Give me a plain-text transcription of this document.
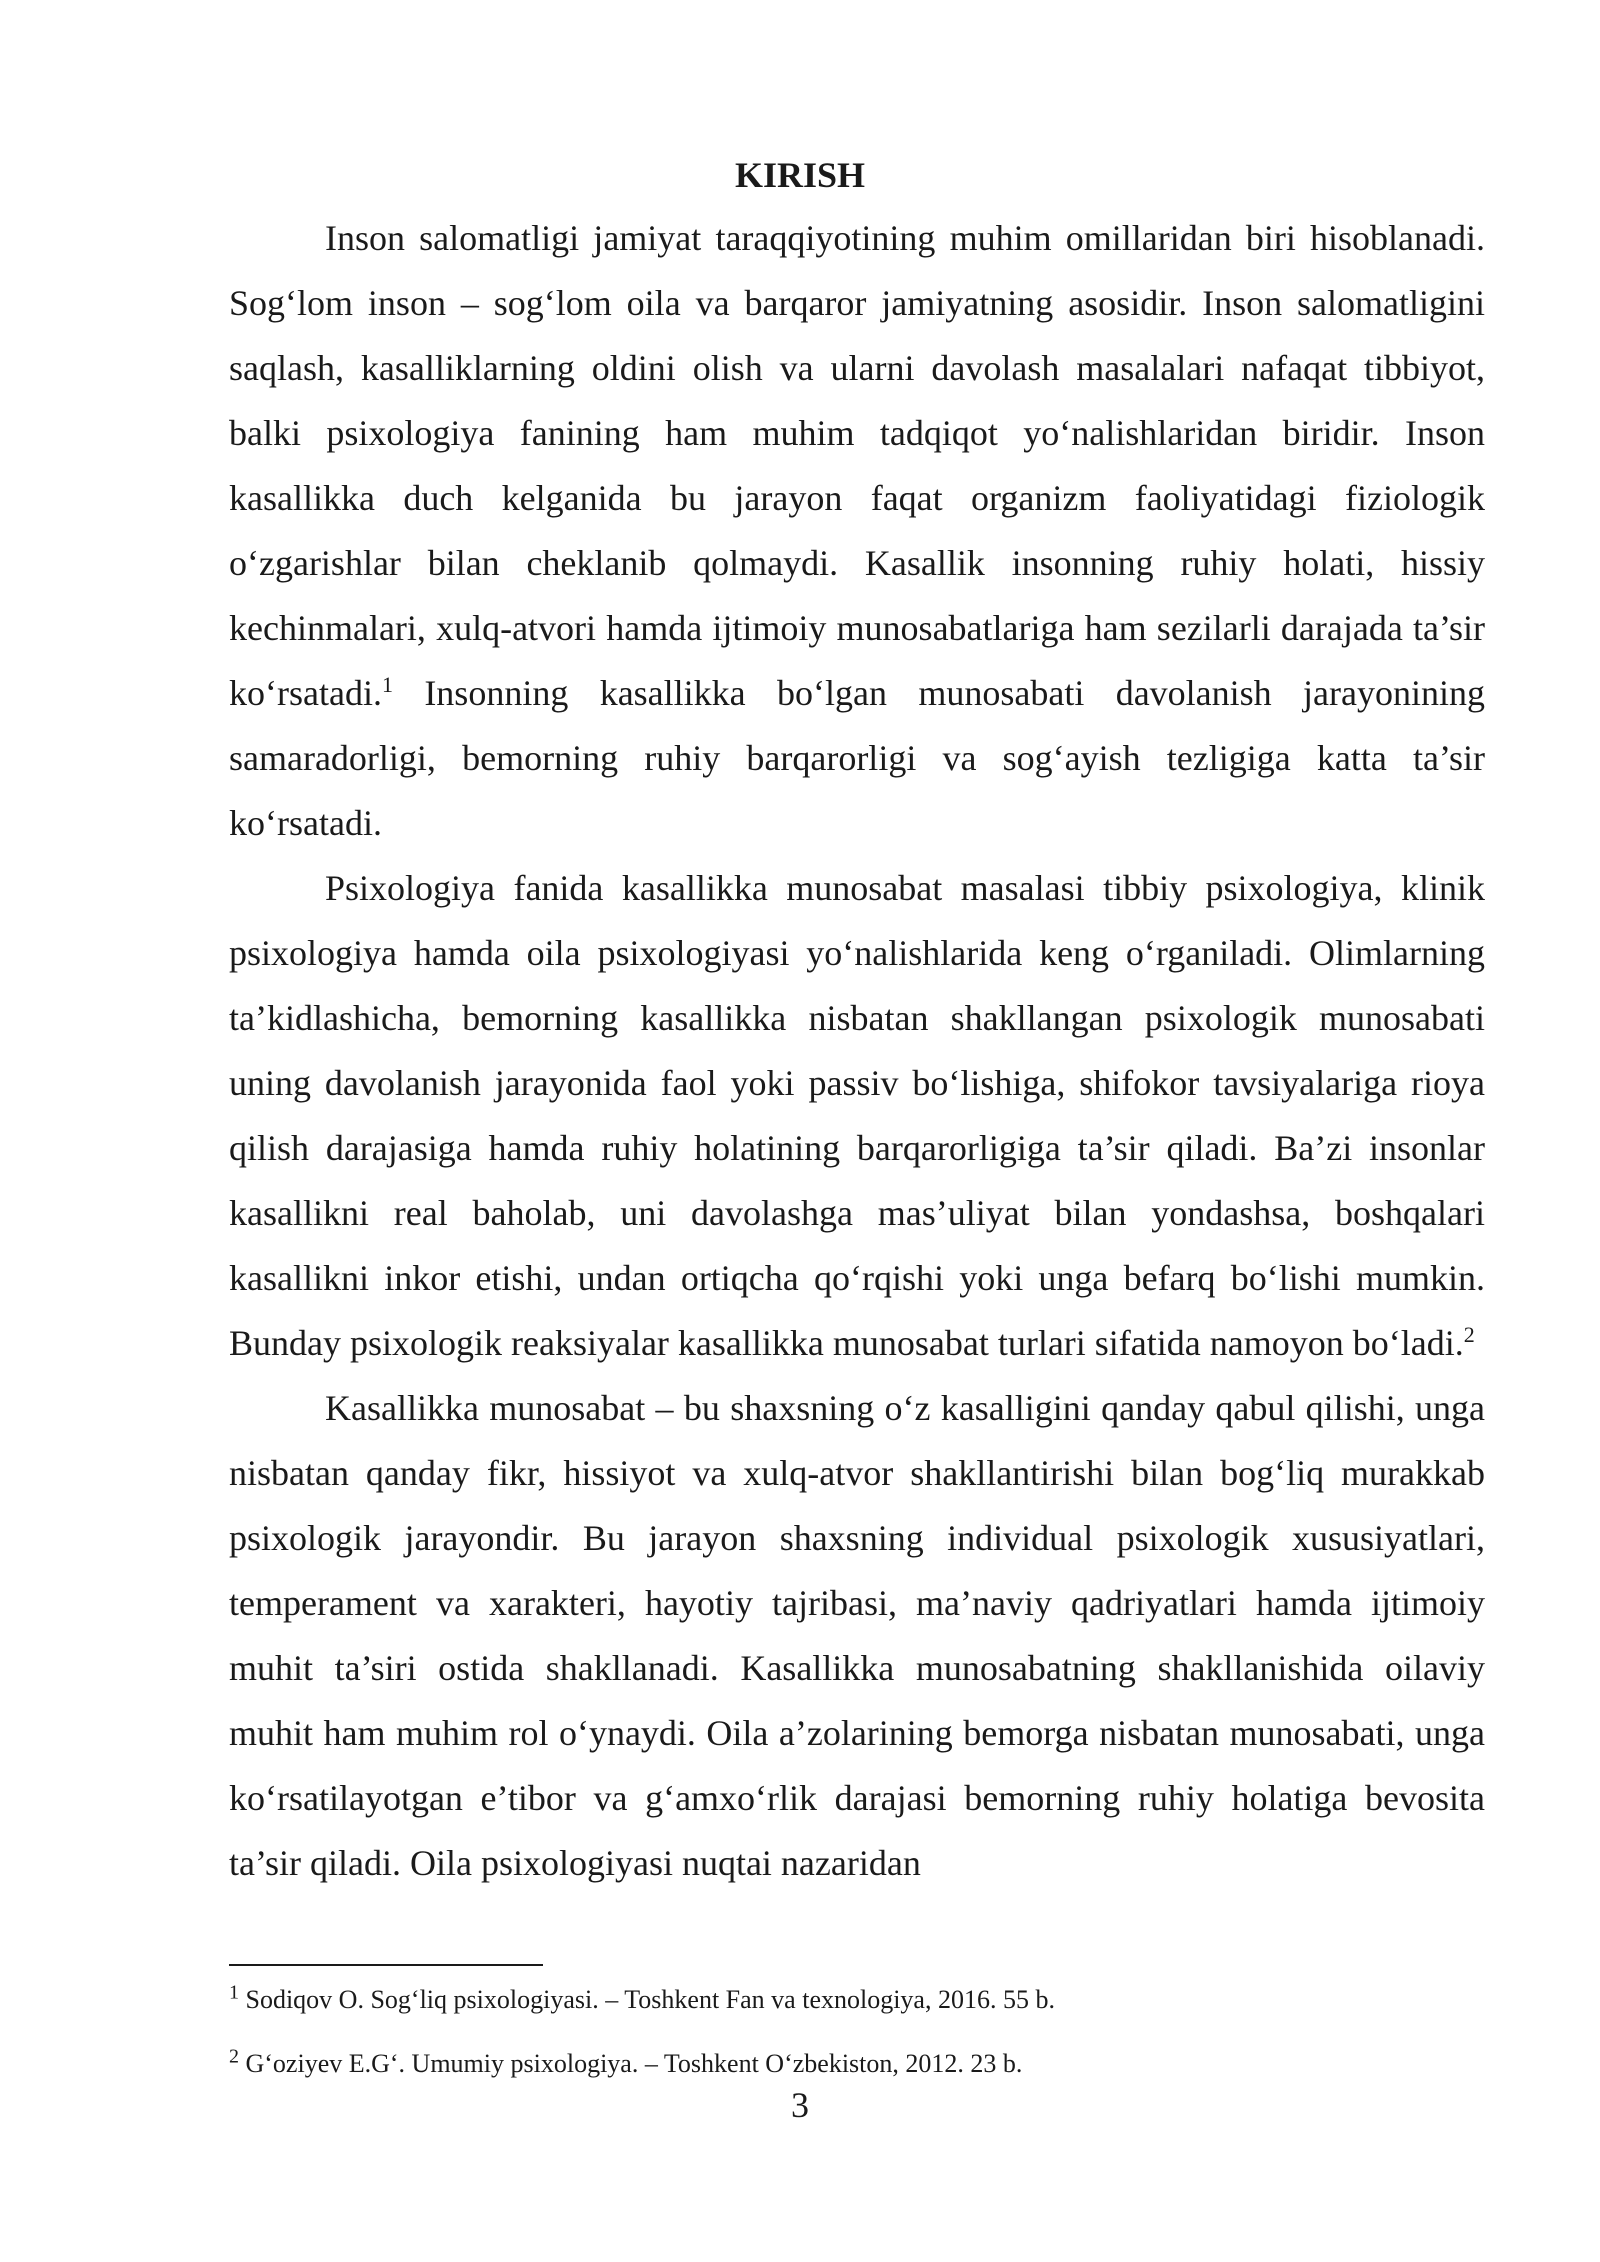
KIRISH

Inson salomatligi jamiyat taraqqiyotining muhim omillaridan biri hisoblanadi. Sog‘lom inson – sog‘lom oila va barqaror jamiyatning asosidir. Inson salomatligini saqlash, kasalliklarning oldini olish va ularni davolash masalalari nafaqat tibbiyot, balki psixologiya fanining ham muhim tadqiqot yo‘nalishlaridan biridir. Inson kasallikka duch kelganida bu jarayon faqat organizm faoliyatidagi fiziologik o‘zgarishlar bilan cheklanib qolmaydi. Kasallik insonning ruhiy holati, hissiy kechinmalari, xulq-atvori hamda ijtimoiy munosabatlariga ham sezilarli darajada ta’sir ko‘rsatadi.$^1$ Insonning kasallikka bo‘lgan munosabati davolanish jarayonining samaradorligi, bemorning ruhiy barqarorligi va sog‘ayish tezligiga katta ta’sir ko‘rsatadi.

Psixologiya fanida kasallikka munosabat masalasi tibbiy psixologiya, klinik psixologiya hamda oila psixologiyasi yo‘nalishlarida keng o‘rganiladi. Olimlarning ta’kidlashicha, bemorning kasallikka nisbatan shakllangan psixologik munosabati uning davolanish jarayonida faol yoki passiv bo‘lishiga, shifokor tavsiyalariga rioya qilish darajasiga hamda ruhiy holatining barqarorligiga ta’sir qiladi. Ba’zi insonlar kasallikni real baholab, uni davolashga mas’uliyat bilan yondashsa, boshqalari kasallikni inkor etishi, undan ortiqcha qo‘rqishi yoki unga befarq bo‘lishi mumkin. Bunday psixologik reaksiyalar kasallikka munosabat turlari sifatida namoyon bo‘ladi.$^2$

Kasallikka munosabat – bu shaxsning o‘z kasalligini qanday qabul qilishi, unga nisbatan qanday fikr, hissiyot va xulq-atvor shakllantirishi bilan bog‘liq murakkab psixologik jarayondir. Bu jarayon shaxsning individual psixologik xususiyatlari, temperament va xarakteri, hayotiy tajribasi, ma’naviy qadriyatlari hamda ijtimoiy muhit ta’siri ostida shakllanadi. Kasallikka munosabatning shakllanishida oilaviy muhit ham muhim rol o‘ynaydi. Oila a’zolarining bemorga nisbatan munosabati, unga ko‘rsatilayotgan e’tibor va g‘amxo‘rlik darajasi bemorning ruhiy holatiga bevosita ta’sir qiladi. Oila psixologiyasi nuqtai nazaridan

$^1$ Sodiqov O. Sog‘liq psixologiyasi. – Toshkent Fan va texnologiya, 2016. 55 b.

$^2$ G‘oziyev E.G‘. Umumiy psixologiya. – Toshkent O‘zbekiston, 2012. 23 b.

3
